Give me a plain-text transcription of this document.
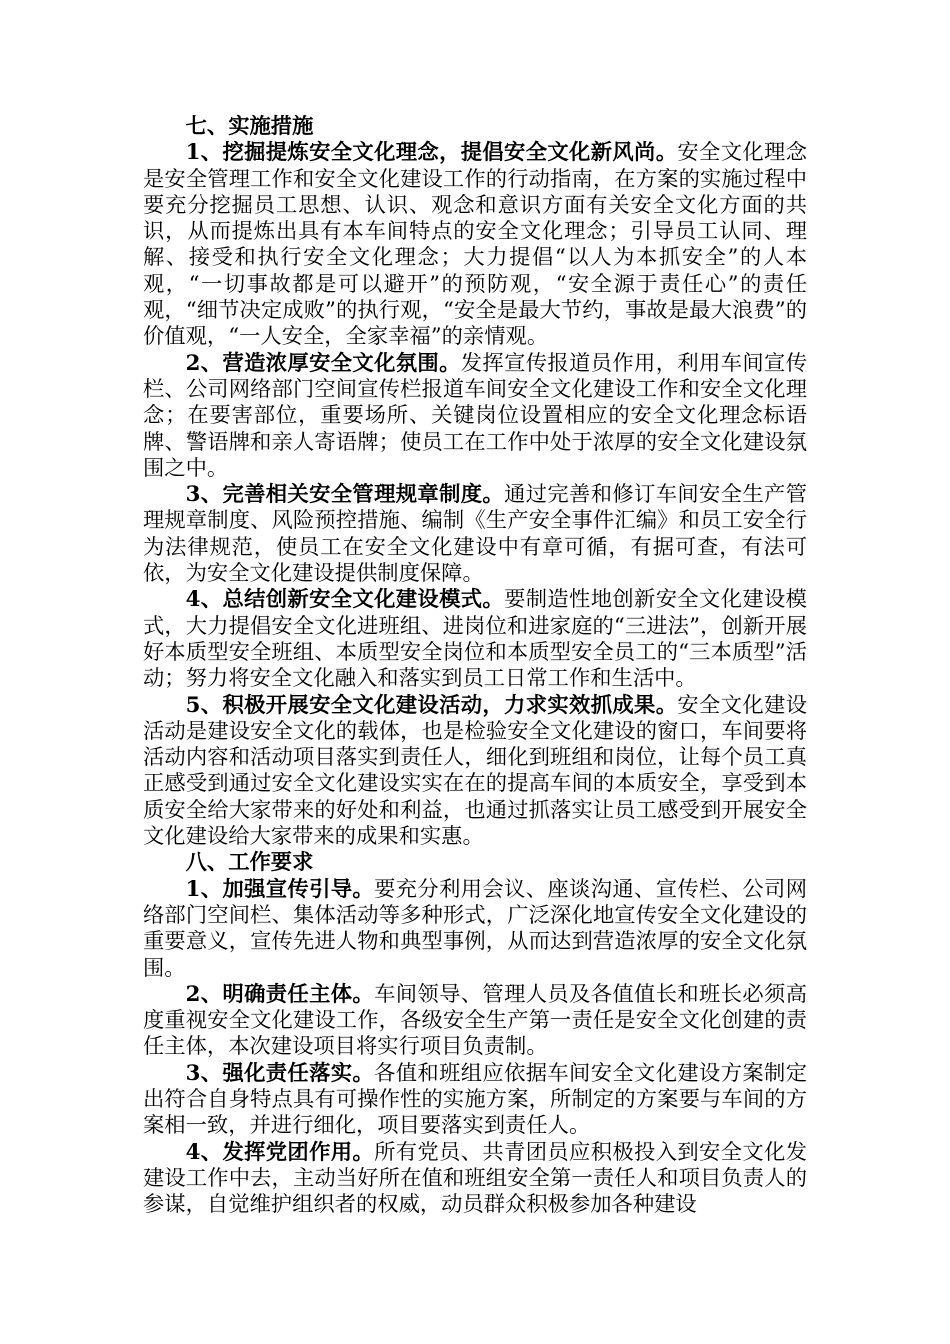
七、实施措施

1、挖掘提炼安全文化理念，提倡安全文化新风尚。安全文化理念是安全管理工作和安全文化建设工作的行动指南，在方案的实施过程中要充分挖掘员工思想、认识、观念和意识方面有关安全文化方面的共识，从而提炼出具有本车间特点的安全文化理念；引导员工认同、理解、接受和执行安全文化理念；大力提倡“以人为本抓安全”的人本观，“一切事故都是可以避开”的预防观，“安全源于责任心”的责任观，“细节决定成败”的执行观，“安全是最大节约，事故是最大浪费”的价值观，“一人安全，全家幸福”的亲情观。

2、营造浓厚安全文化氛围。发挥宣传报道员作用，利用车间宣传栏、公司网络部门空间宣传栏报道车间安全文化建设工作和安全文化理念；在要害部位，重要场所、关键岗位设置相应的安全文化理念标语牌、警语牌和亲人寄语牌；使员工在工作中处于浓厚的安全文化建设氛围之中。

3、完善相关安全管理规章制度。通过完善和修订车间安全生产管理规章制度、风险预控措施、编制《生产安全事件汇编》和员工安全行为法律规范，使员工在安全文化建设中有章可循，有据可查，有法可依，为安全文化建设提供制度保障。

4、总结创新安全文化建设模式。要制造性地创新安全文化建设模式，大力提倡安全文化进班组、进岗位和进家庭的“三进法”，创新开展好本质型安全班组、本质型安全岗位和本质型安全员工的“三本质型”活动；努力将安全文化融入和落实到员工日常工作和生活中。

5、积极开展安全文化建设活动，力求实效抓成果。安全文化建设活动是建设安全文化的载体，也是检验安全文化建设的窗口，车间要将活动内容和活动项目落实到责任人，细化到班组和岗位，让每个员工真正感受到通过安全文化建设实实在在的提高车间的本质安全，享受到本质安全给大家带来的好处和利益，也通过抓落实让员工感受到开展安全文化建设给大家带来的成果和实惠。

八、工作要求

1、加强宣传引导。要充分利用会议、座谈沟通、宣传栏、公司网络部门空间栏、集体活动等多种形式，广泛深化地宣传安全文化建设的重要意义，宣传先进人物和典型事例，从而达到营造浓厚的安全文化氛围。

2、明确责任主体。车间领导、管理人员及各值值长和班长必须高度重视安全文化建设工作，各级安全生产第一责任是安全文化创建的责任主体，本次建设项目将实行项目负责制。

3、强化责任落实。各值和班组应依据车间安全文化建设方案制定出符合自身特点具有可操作性的实施方案，所制定的方案要与车间的方案相一致，并进行细化，项目要落实到责任人。

4、发挥党团作用。所有党员、共青团员应积极投入到安全文化发建设工作中去，主动当好所在值和班组安全第一责任人和项目负责人的参谋，自觉维护组织者的权威，动员群众积极参加各种建设
